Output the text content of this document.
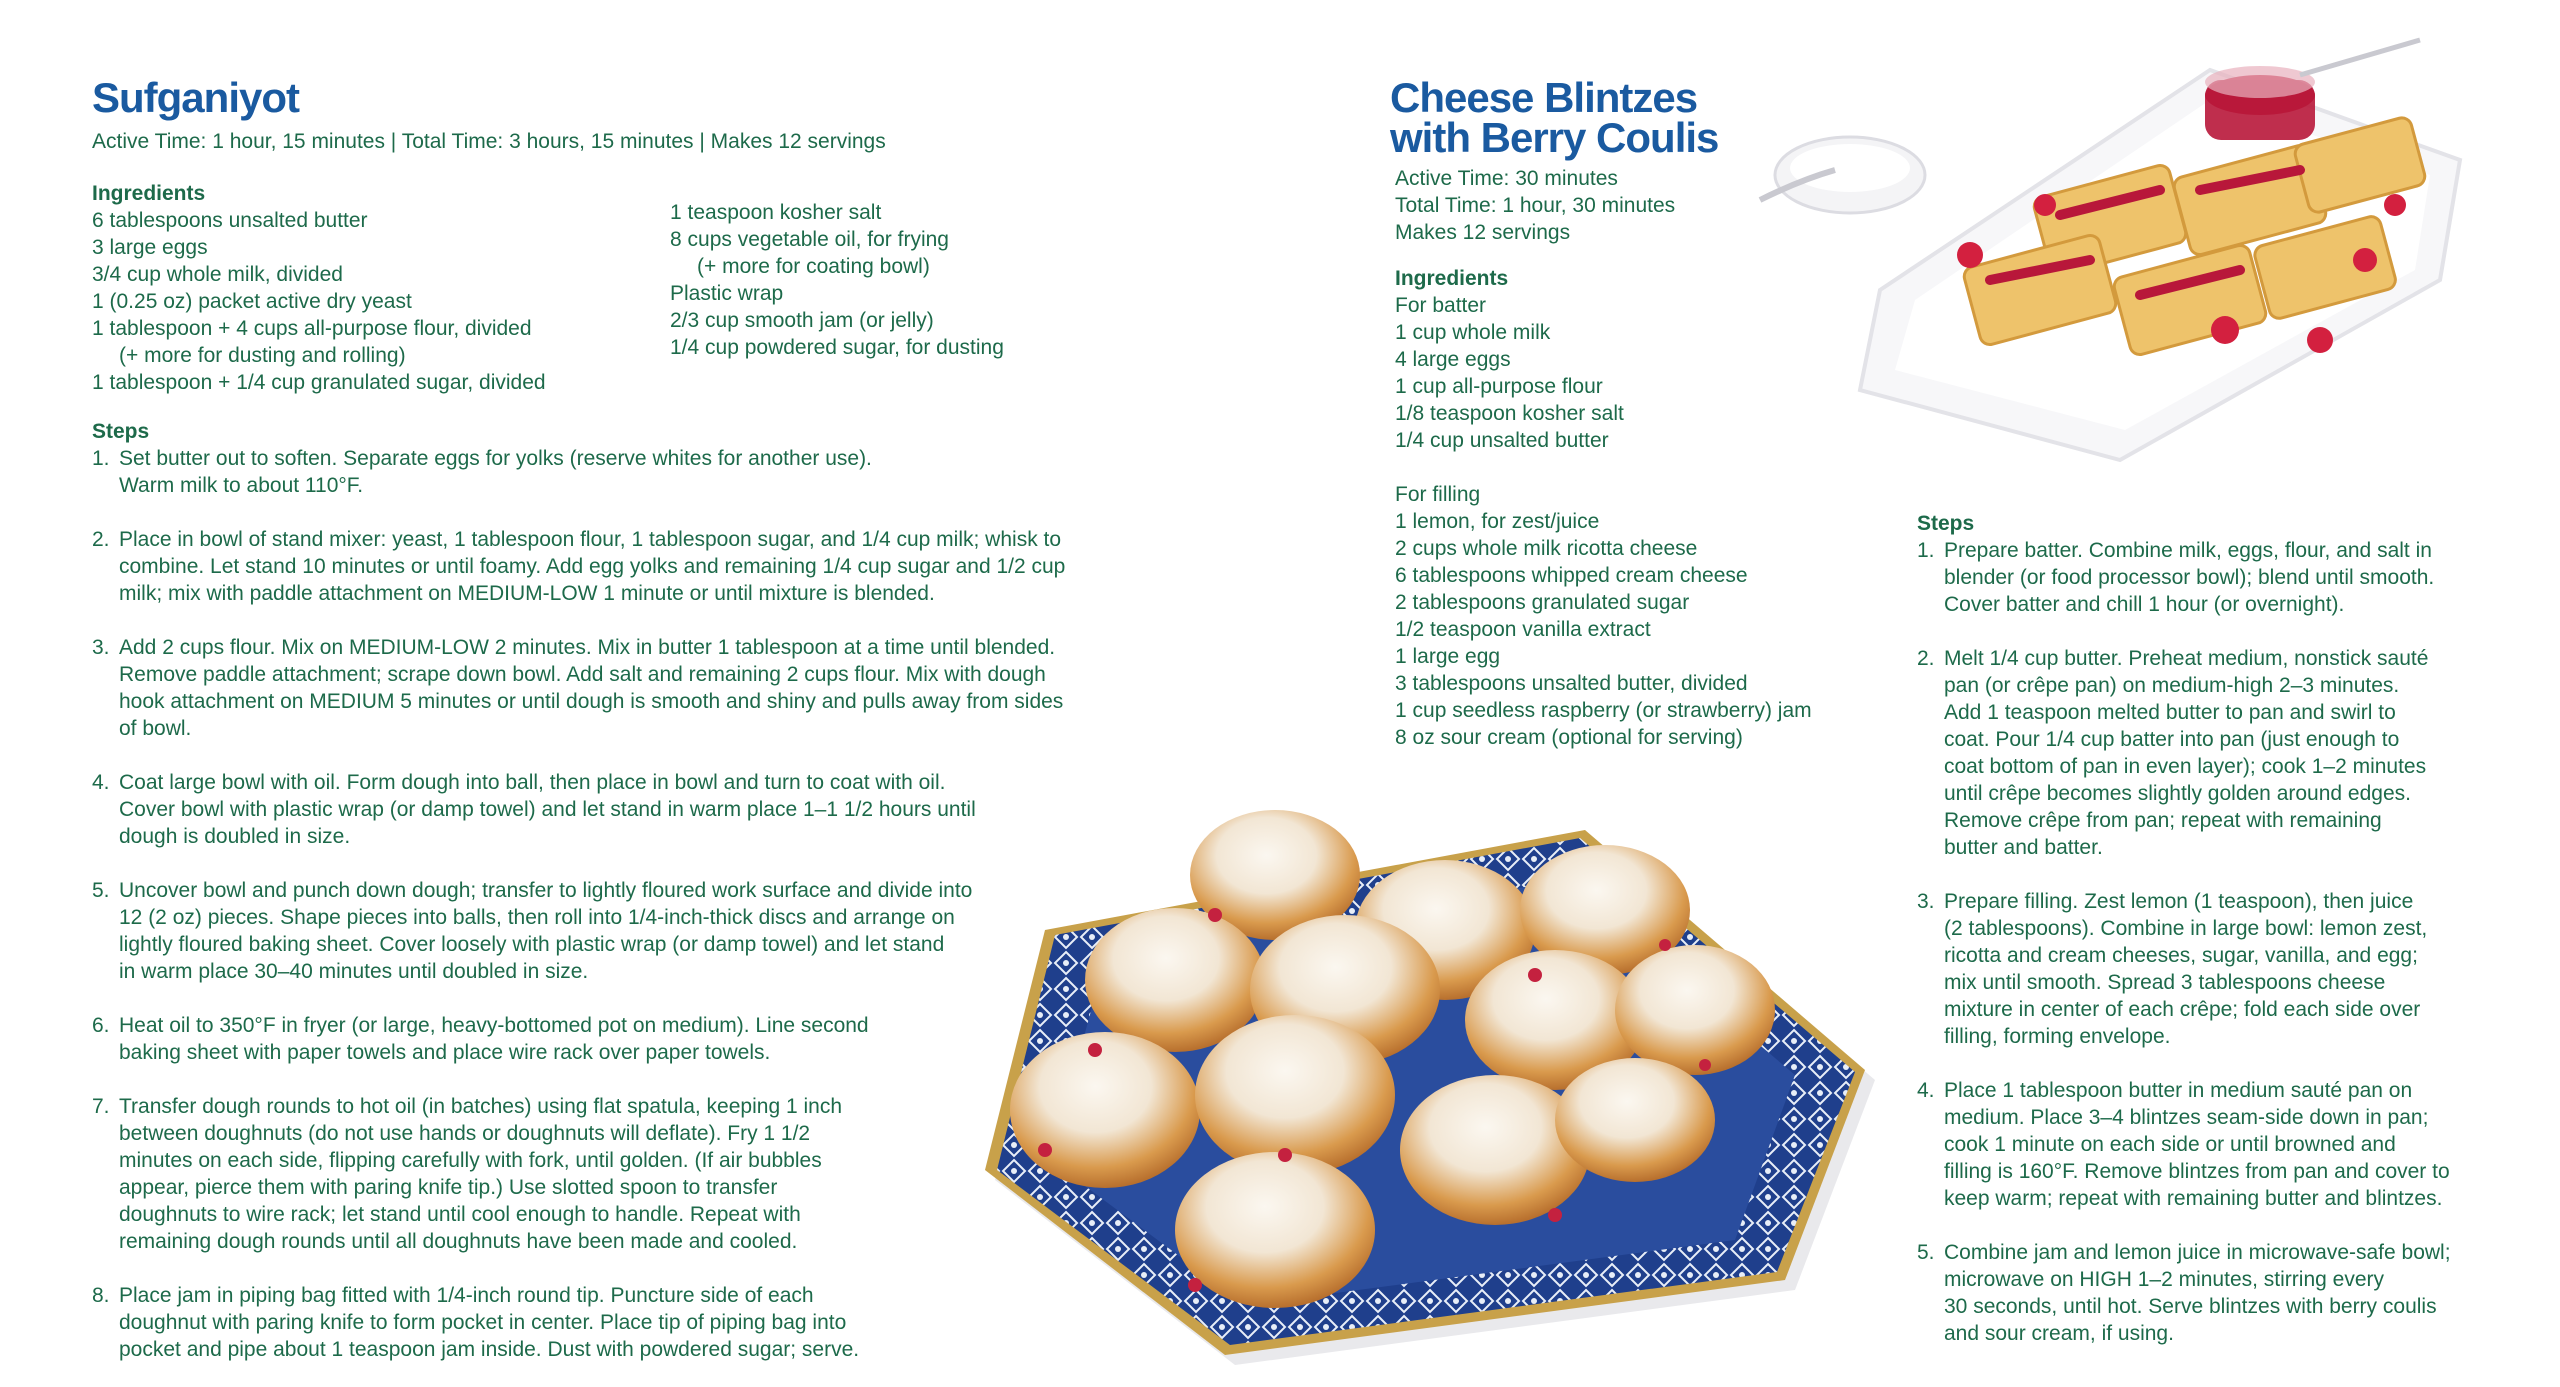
Sufganiyot
Active Time: 1 hour, 15 minutes | Total Time: 3 hours, 15 minutes | Makes 12 servings
Ingredients
6 tablespoons unsalted butter
3 large eggs
3/4 cup whole milk, divided
1 (0.25 oz) packet active dry yeast
1 tablespoon + 4 cups all-purpose flour, divided
(+ more for dusting and rolling)
1 tablespoon + 1/4 cup granulated sugar, divided
1 teaspoon kosher salt
8 cups vegetable oil, for frying
(+ more for coating bowl)
Plastic wrap
2/3 cup smooth jam (or jelly)
1/4 cup powdered sugar, for dusting
Steps
1. Set butter out to soften. Separate eggs for yolks (reserve whites for another use).
Warm milk to about 110°F.
2. Place in bowl of stand mixer: yeast, 1 tablespoon flour, 1 tablespoon sugar, and 1/4 cup milk; whisk to
combine. Let stand 10 minutes or until foamy. Add egg yolks and remaining 1/4 cup sugar and 1/2 cup
milk; mix with paddle attachment on MEDIUM-LOW 1 minute or until mixture is blended.
3. Add 2 cups flour. Mix on MEDIUM-LOW 2 minutes. Mix in butter 1 tablespoon at a time until blended.
Remove paddle attachment; scrape down bowl. Add salt and remaining 2 cups flour. Mix with dough
hook attachment on MEDIUM 5 minutes or until dough is smooth and shiny and pulls away from sides
of bowl.
4. Coat large bowl with oil. Form dough into ball, then place in bowl and turn to coat with oil.
Cover bowl with plastic wrap (or damp towel) and let stand in warm place 1–1 1/2 hours until
dough is doubled in size.
5. Uncover bowl and punch down dough; transfer to lightly floured work surface and divide into
12 (2 oz) pieces. Shape pieces into balls, then roll into 1/4-inch-thick discs and arrange on
lightly floured baking sheet. Cover loosely with plastic wrap (or damp towel) and let stand
in warm place 30–40 minutes until doubled in size.
6. Heat oil to 350°F in fryer (or large, heavy-bottomed pot on medium). Line second
baking sheet with paper towels and place wire rack over paper towels.
7. Transfer dough rounds to hot oil (in batches) using flat spatula, keeping 1 inch
between doughnuts (do not use hands or doughnuts will deflate). Fry 1 1/2
minutes on each side, flipping carefully with fork, until golden. (If air bubbles
appear, pierce them with paring knife tip.) Use slotted spoon to transfer
doughnuts to wire rack; let stand until cool enough to handle. Repeat with
remaining dough rounds until all doughnuts have been made and cooled.
8. Place jam in piping bag fitted with 1/4-inch round tip. Puncture side of each
doughnut with paring knife to form pocket in center. Place tip of piping bag into
pocket and pipe about 1 teaspoon jam inside. Dust with powdered sugar; serve.
Cheese Blintzes
with Berry Coulis
Active Time: 30 minutes
Total Time: 1 hour, 30 minutes
Makes 12 servings
Ingredients
For batter
1 cup whole milk
4 large eggs
1 cup all-purpose flour
1/8 teaspoon kosher salt
1/4 cup unsalted butter
For filling
1 lemon, for zest/juice
2 cups whole milk ricotta cheese
6 tablespoons whipped cream cheese
2 tablespoons granulated sugar
1/2 teaspoon vanilla extract
1 large egg
3 tablespoons unsalted butter, divided
1 cup seedless raspberry (or strawberry) jam
8 oz sour cream (optional for serving)
Steps
1. Prepare batter. Combine milk, eggs, flour, and salt in
blender (or food processor bowl); blend until smooth.
Cover batter and chill 1 hour (or overnight).
2. Melt 1/4 cup butter. Preheat medium, nonstick sauté
pan (or crêpe pan) on medium-high 2–3 minutes.
Add 1 teaspoon melted butter to pan and swirl to
coat. Pour 1/4 cup batter into pan (just enough to
coat bottom of pan in even layer); cook 1–2 minutes
until crêpe becomes slightly golden around edges.
Remove crêpe from pan; repeat with remaining
butter and batter.
3. Prepare filling. Zest lemon (1 teaspoon), then juice
(2 tablespoons). Combine in large bowl: lemon zest,
ricotta and cream cheeses, sugar, vanilla, and egg;
mix until smooth. Spread 3 tablespoons cheese
mixture in center of each crêpe; fold each side over
filling, forming envelope.
4. Place 1 tablespoon butter in medium sauté pan on
medium. Place 3–4 blintzes seam-side down in pan;
cook 1 minute on each side or until browned and
filling is 160°F. Remove blintzes from pan and cover to
keep warm; repeat with remaining butter and blintzes.
5. Combine jam and lemon juice in microwave-safe bowl;
microwave on HIGH 1–2 minutes, stirring every
30 seconds, until hot. Serve blintzes with berry coulis
and sour cream, if using.
